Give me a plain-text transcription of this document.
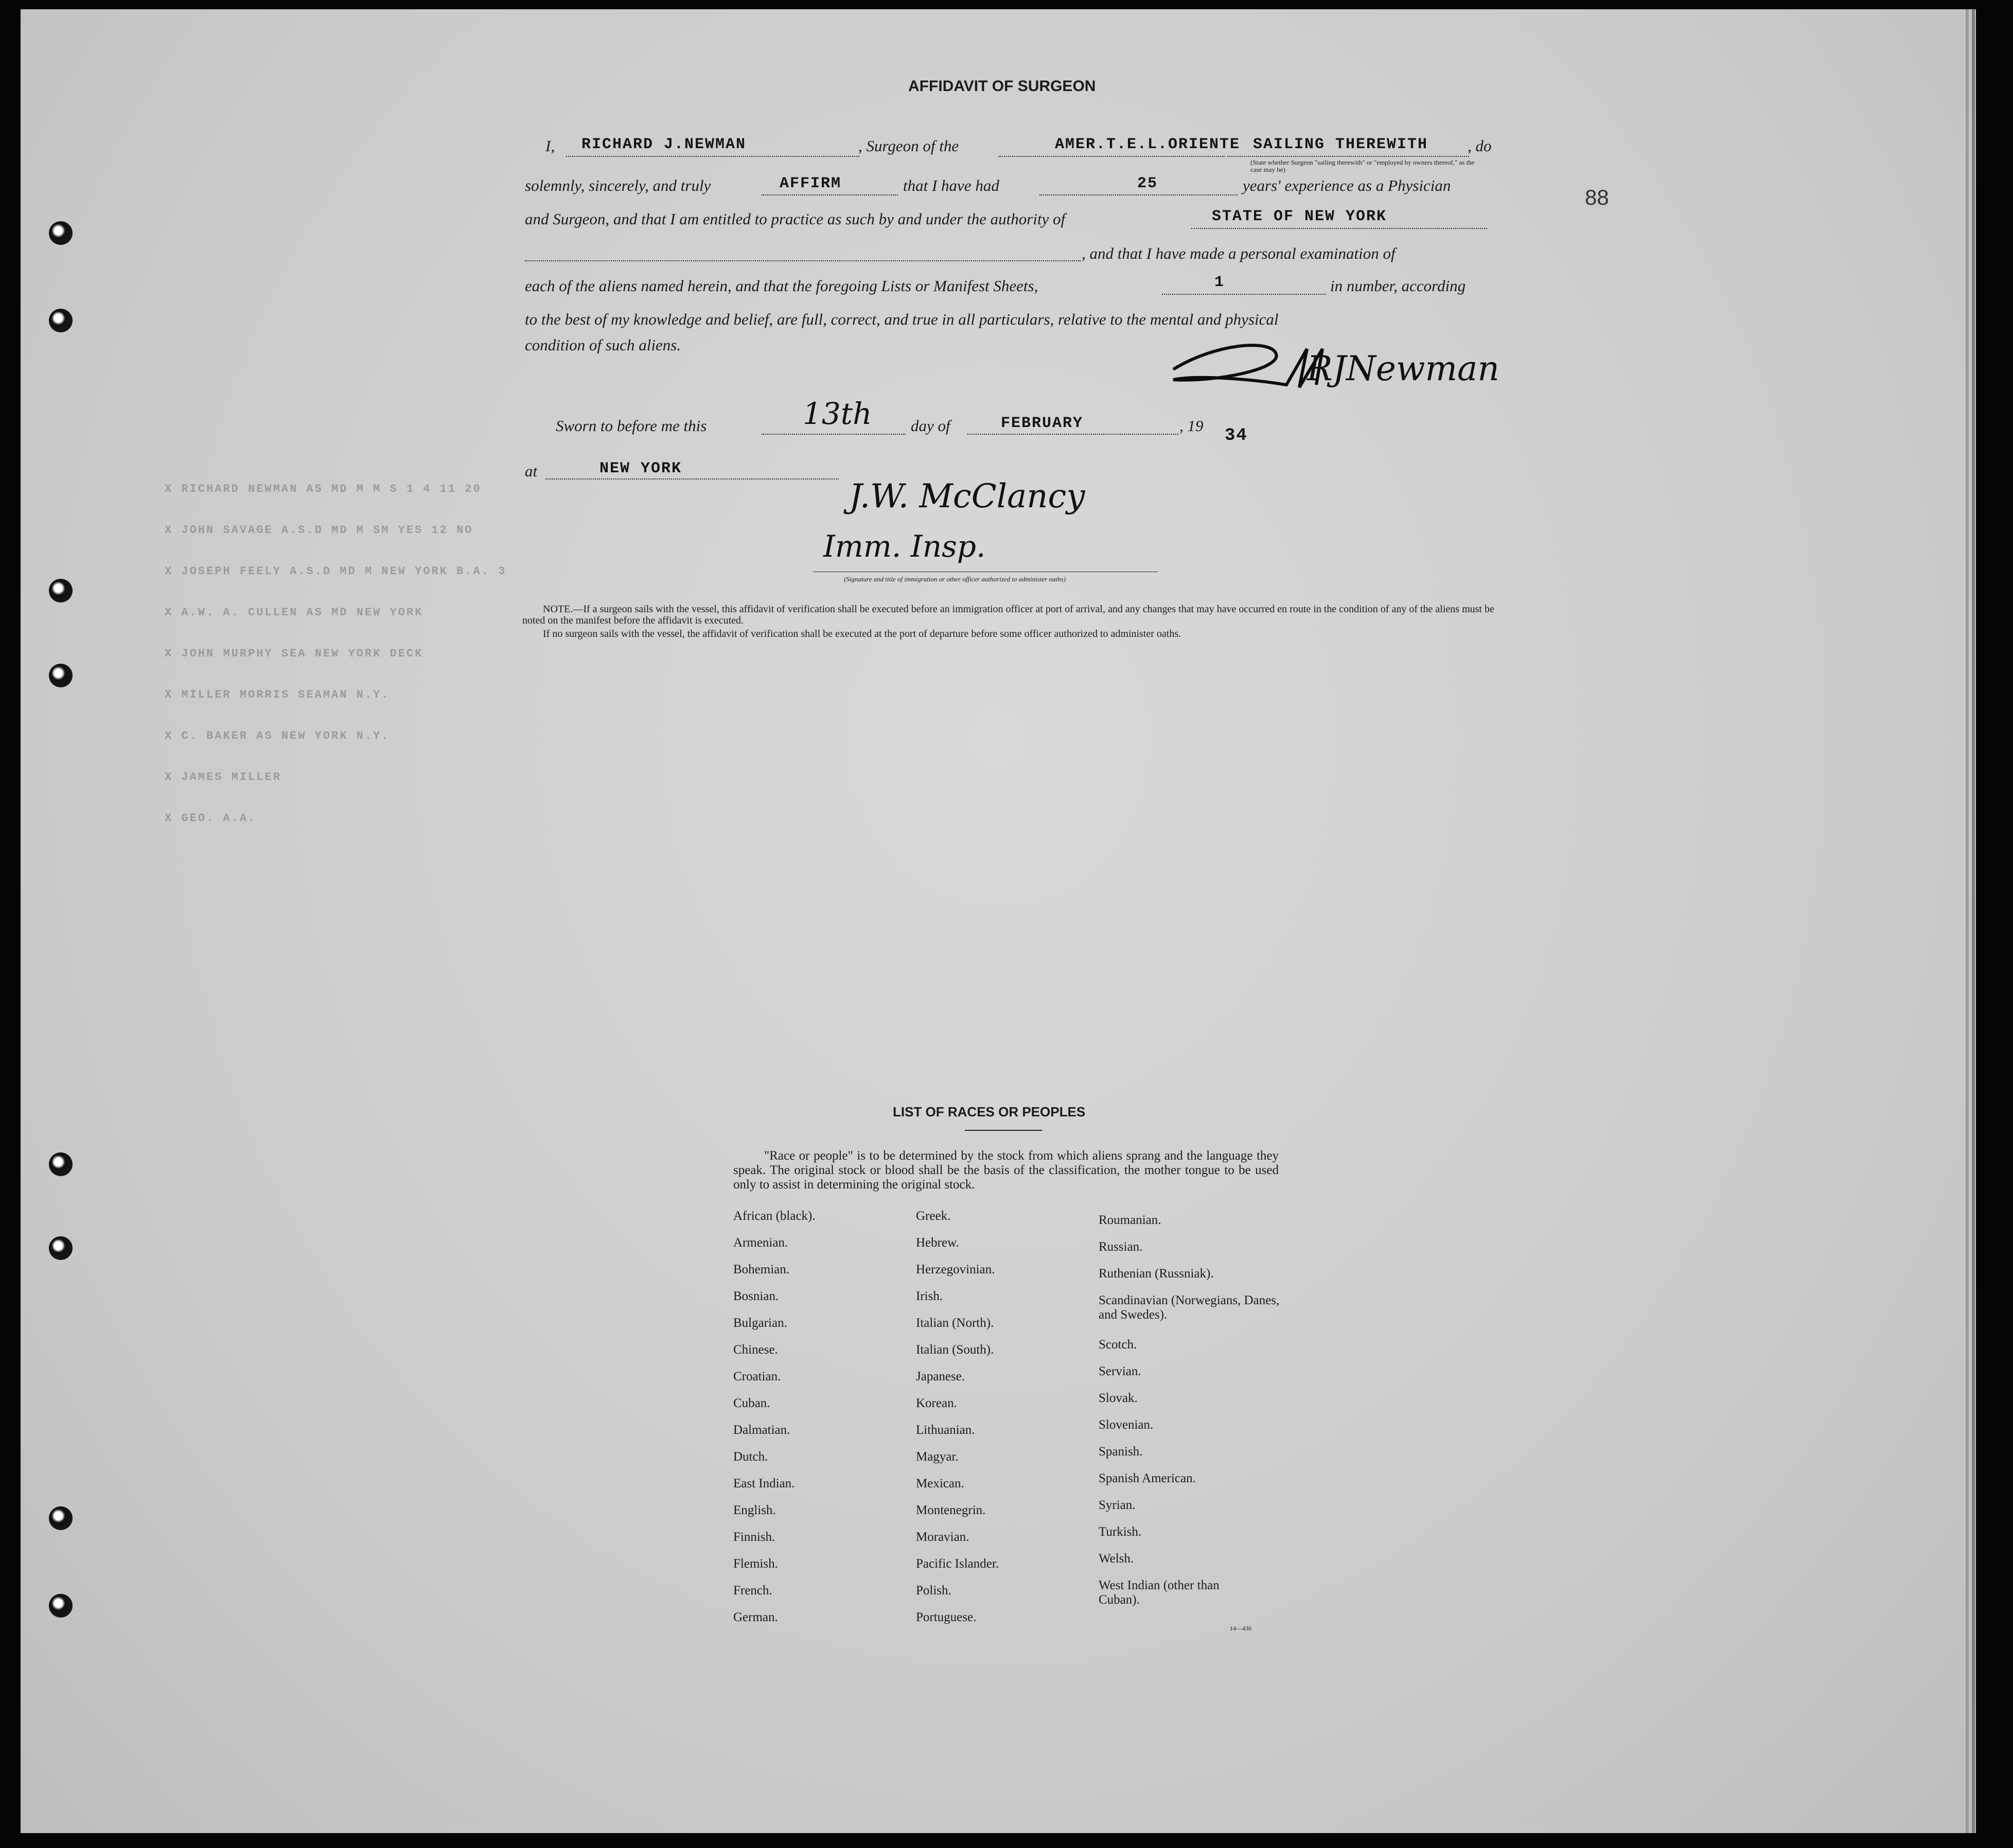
X RICHARD NEWMAN AS MD M M S 1 4 11 20
X JOHN SAVAGE A.S.D MD M SM YES 12 NO
X JOSEPH FEELY A.S.D MD M NEW YORK B.A. 3
X A.W. A. CULLEN AS MD NEW YORK
X JOHN MURPHY SEA NEW YORK DECK
X MILLER MORRIS SEAMAN N.Y.
X C. BAKER AS NEW YORK N.Y.
X JAMES MILLER
X GEO. A.A.
88
AFFIDAVIT OF SURGEON
I, RICHARD J.NEWMAN	, Surgeon of the	AMER.T.E.L.ORIENTE SAILING THEREWITH , do
(State whether Surgeon "sailing therewith" or "employed by owners thereof," as the case may be)
solemnly, sincerely, and truly	AFFIRM	that I have had	25	years' experience as a Physician
and Surgeon, and that I am entitled to practice as such by and under the authority of	STATE OF NEW YORK
, and that I have made a personal examination of
each of the aliens named herein, and that the foregoing Lists or Manifest Sheets,	1	in number, according
to the best of my knowledge and belief, are full, correct, and true in all particulars, relative to the mental and physical
condition of such aliens.
RJNewman
Sworn to before me this	13th day of	FEBRUARY	, 19
34
at	NEW YORK
J.W. McClancy
Imm. Insp.
(Signature and title of immigration or other officer authorized to administer oaths)
NOTE.—If a surgeon sails with the vessel, this affidavit of verification shall be executed before an immigration officer at port of arrival, and any changes that may have occurred en route in the condition of any of the aliens must be noted on the manifest before the affidavit is executed.
If no surgeon sails with the vessel, the affidavit of verification shall be executed at the port of departure before some officer authorized to administer oaths.
LIST OF RACES OR PEOPLES
"Race or people" is to be determined by the stock from which aliens sprang and the language they speak. The original stock or blood shall be the basis of the classification, the mother tongue to be used only to assist in determining the original stock.
African (black).
Armenian.
Bohemian.
Bosnian.
Bulgarian.
Chinese.
Croatian.
Cuban.
Dalmatian.
Dutch.
East Indian.
English.
Finnish.
Flemish.
French.
German.
Greek.
Hebrew.
Herzegovinian.
Irish.
Italian (North).
Italian (South).
Japanese.
Korean.
Lithuanian.
Magyar.
Mexican.
Montenegrin.
Moravian.
Pacific Islander.
Polish.
Portuguese.
Roumanian.
Russian.
Ruthenian (Russniak).
Scandinavian (Norwegians, Danes, and Swedes).
Scotch.
Servian.
Slovak.
Slovenian.
Spanish.
Spanish American.
Syrian.
Turkish.
Welsh.
West Indian (other than Cuban).
14—430
